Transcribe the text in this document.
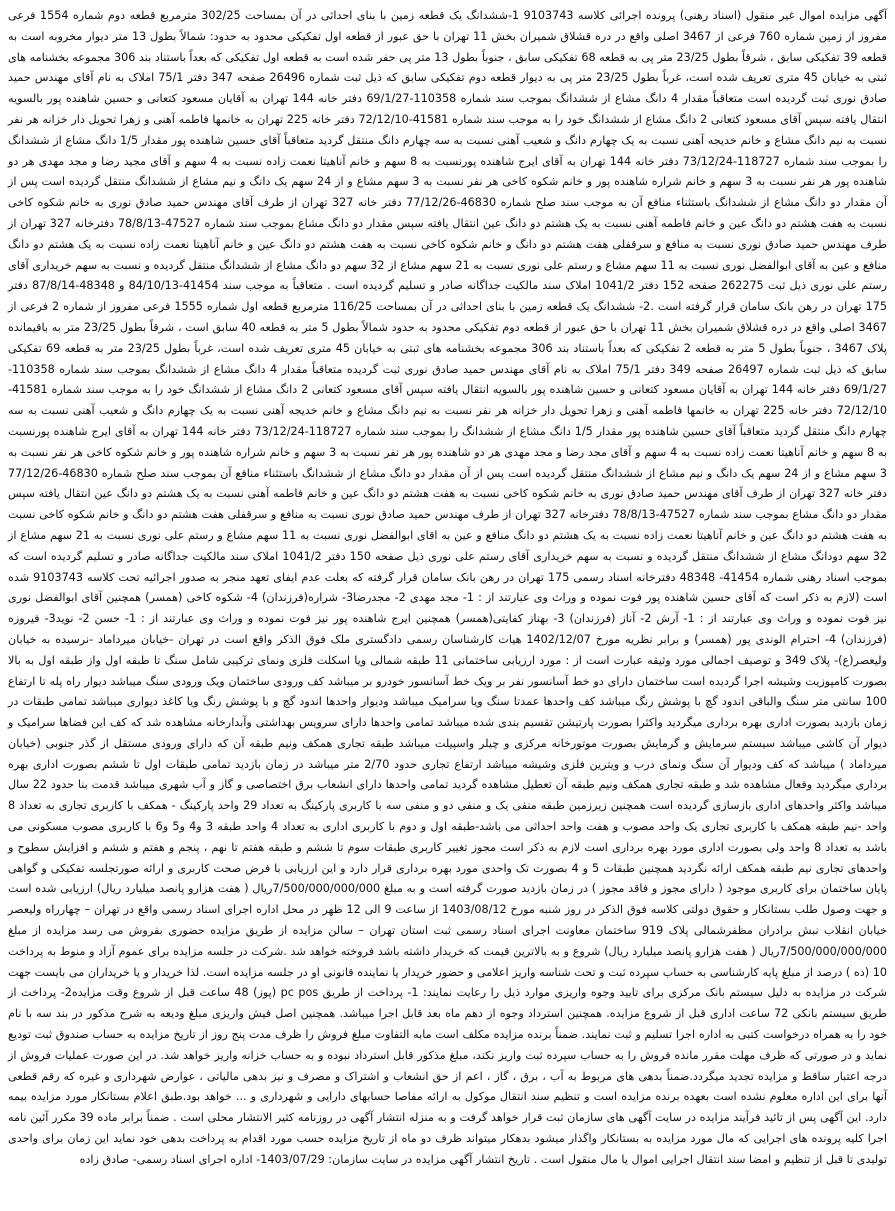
آگهی مزایده اموال غیر منقول (اسناد رهنی) پرونده اجرائی کلاسه 9103743 1-ششدانگ یک قطعه زمین با بنای احداثی در آن بمساحت 302/25 مترمربع قطعه دوم شماره 1554 فرعی مفروز از زمین شماره 760 فرعی از 3467 اصلی واقع در دره قشلاق شمیران بخش 11 تهران با حق عبور از قطعه اول تفکیکی محدود به حدود: شمالاً بطول 13 متر دیوار مخروبه است به قطعه 39 تفکیکی سابق ، شرقاً بطول 23/25 متر پی به قطعه 68 تفکیکی سابق ، جنوباً بطول 13 متر پی حفر شده است به قطعه اول تفکیکی که بعداً باستناد بند 306 مجموعه بخشنامه های ثبتی به خیابان 45 متری تعریف شده است، غرباً بطول 23/25 متر پی به دیوار قطعه دوم تفکیکی سابق که ذیل ثبت شماره 26496 صفحه 347 دفتر 75/1 املاک به نام آقای مهندس حمید صادق نوری ثبت گردیده است متعاقباً مقدار 4 دانگ مشاع از ششدانگ بموجب سند شماره 110358-69/1/27 دفتر خانه 144 تهران به آقایان مسعود کتعانی و حسین شاهنده پور بالسویه انتقال یافته سپس آقای مسعود کتعانی 2 دانگ مشاع از ششدانگ خود را به موجب سند شماره 41581-72/12/10 دفتر خانه 225 تهران به خانمها فاطمه آهنی و زهرا تحویل دار خزانه هر نفر نسبت به نیم دانگ مشاع و خانم خدیجه آهنی نسبت به یک چهارم دانگ و شعیب آهنی نسبت به سه چهارم دانگ منتقل گردید متعاقباً آقای حسین شاهنده پور مقدار 1/5 دانگ مشاع از ششدانگ را بموجب سند شماره 118727-73/12/24 دفتر خانه 144 تهران به آقای ایرج شاهنده پورنسبت به 8 سهم و خانم آناهیتا نعمت زاده نسبت به 4 سهم و آقای مجید رضا و مجد مهدی هر دو شاهنده پور هر نفر نسبت به 3 سهم و خانم شراره شاهنده پور و خانم شکوه کاخی هر نفر نسبت به 3 سهم مشاع و از 24 سهم یک دانگ و نیم مشاع از ششدانگ منتقل گردیده است پس از آن مقدار دو دانگ مشاع از ششدانگ باستثناء منافع آن به موجب سند صلح شماره 46830-77/12/26 دفتر خانه 327 تهران از طرف آقای مهندس حمید صادق نوری به خانم شکوه کاخی نسبت به هفت هشتم دو دانگ عین و خانم فاطمه آهنی نسبت به یک هشتم دو دانگ عین انتقال یافته سپس مقدار دو دانگ مشاع بموجب سند شماره 47527-78/8/13 دفترخانه 327 تهران از طرف مهندس حمید صادق نوری نسبت به منافع و سرقفلی هفت هشتم دو دانگ و خانم شکوه کاخی نسبت به هفت هشتم دو دانگ عین و خانم آناهیتا نعمت زاده نسبت به یک هشتم دو دانگ منافع و عین به آقای ابوالفضل نوری نسبت به 11 سهم مشاع و رستم علی نوری نسبت به 21 سهم مشاع از 32 سهم دو دانگ مشاع از ششدانگ منتقل گردیده و نسبت به سهم خریداری آقای رستم علی نوری ذیل ثبت 262275 صفحه 152 دفتر 1041/2 املاک سند مالکیت جداگانه صادر و تسلیم گردیده است . متعاقباً به موجب سند 41454-84/10/13 و 48348-87/8/14 دفتر 175 تهران در رهن بانک سامان قرار گرفته است .2- ششدانگ یک قطعه زمین با بنای احداثی در آن بمساحت 116/25 مترمربع قطعه اول شماره 1555 فرعی مفروز از شماره 2 فرعی از 3467 اصلی واقع در دره قشلاق شمیران بخش 11 تهران با حق عبور از قطعه دوم تفکیکی محدود به حدود شمالاً بطول 5 متر به قطعه 40 سابق است ، شرقاً بطول 23/25 متر به باقیمانده پلاک 3467 ، جنوباً بطول 5 متر به قطعه 2 تفکیکی که بعداً باستناد بند 306 مجموعه بخشنامه های ثبتی به خیابان 45 متری تعریف شده است، غرباً بطول 23/25 متر به قطعه 69 تفکیکی سابق که ذیل ثبت شماره 26497 صفحه 349 دفتر 75/1 املاک به نام آقای مهندس حمید صادق نوری ثبت گردیده متعاقباً مقدار 4 دانگ مشاع از ششدانگ بموجب سند شماره 110358-69/1/27 دفتر خانه 144 تهران به آقایان مسعود کتعانی و حسین شاهنده پور بالسویه انتقال یافته سپس آقای مسعود کتعانی 2 دانگ مشاع از ششدانگ خود را به موجب سند شماره 41581-72/12/10 دفتر خانه 225 تهران به خانمها فاطمه آهنی و زهرا تحویل دار خزانه هر نفر نسبت به نیم دانگ مشاع و خانم خدیجه آهنی نسبت به یک چهارم دانگ و شعیب آهنی نسبت به سه چهارم دانگ منتقل گردید متعاقباً آقای حسین شاهنده پور مقدار 1/5 دانگ مشاع از ششدانگ را بموجب سند شماره 118727-73/12/24 دفتر خانه 144 تهران به آقای ایرج شاهنده پورنسبت به 8 سهم و خانم آناهیتا نعمت زاده نسبت به 4 سهم و آقای مجد رضا و مجد مهدی هر دو شاهنده پور هر نفر نسبت به 3 سهم و خانم شراره شاهنده پور و خانم شکوه کاخی هر نفر نسبت به 3 سهم مشاع و از 24 سهم یک دانگ و نیم مشاع از ششدانگ منتقل گردیده است پس از آن مقدار دو دانگ مشاع از ششدانگ باستثناء منافع آن بموجب سند صلح شماره 46830-77/12/26 دفتر خانه 327 تهران از طرف آقای مهندس حمید صادق نوری به خانم شکوه کاخی نسبت به هفت هشتم دو دانگ عین و خانم فاطمه آهنی نسبت به یک هشتم دو دانگ عین انتقال یافته سپس مقدار دو دانگ مشاع بموجب سند شماره 47527-78/8/13 دفترخانه 327 تهران از طرف مهندس حمید صادق نوری نسبت به منافع و سرقفلی هفت هشتم دو دانگ و خانم شکوه کاخی نسبت به هفت هشتم دو دانگ عین و خانم آناهیتا نعمت زاده نسبت به یک هشتم دو دانگ منافع و عین به اقای ابوالفضل نوری نسبت به 11 سهم مشاع و رستم علی نوری نسبت به 21 سهم مشاع از 32 سهم دودانگ مشاع از ششدانگ منتقل گردیده و نسبت به سهم خریداری آقای رستم علی نوری ذیل صفحه 150 دفتر 1041/2 املاک سند مالکیت جداگانه صادر و تسلیم گردیده است که بموجب اسناد رهنی شماره 41454- 48348 دفترخانه اسناد رسمی 175 تهران در رهن بانک سامان قرار گرفته که بعلت عدم ایفای تعهد منجر به صدور اجرائیه تحت کلاسه 9103743 شده است (لازم به ذکر است که آقای حسین شاهنده پور فوت نموده و وراث وی عبارتند از : 1- مجد مهدی 2- مجدرضا3- شراره(فرزندان) 4- شکوه کاخی (همسر) همچنین آقای ابوالفضل نوری نیز فوت نموده و وراث وی عبارتند از : 1- آرش 2- آناز (فرزندان) 3- بهناز کفایتی(همسر) همچنین ایرج شاهنده پور نیز فوت نموده و وراث وی عبارتند از : 1- حسن 2- نوید3- فیروزه (فرزندان) 4- احترام الوندی پور (همسر) و برابر نظریه مورخ 1402/12/07 هیات کارشناسان رسمی دادگستری ملک فوق الذکر واقع است در تهران -خیابان میرداماد -نرسیده به خیابان ولیعصر(ع)- پلاک 349 و توصیف اجمالی مورد وثیقه عبارت است از : مورد ارزیابی ساختمانی 11 طبقه شمالی ویا اسکلت فلزی ونمای ترکیبی شامل سنگ تا طبقه اول واز طبقه اول به بالا بصورت کامپوزیت وشیشه اجرا گردیده است ساختمان دارای دو خط آسانسور نفر بر ویک خط آسانسور خودرو بر میباشد کف ورودی ساختمان ویک ورودی سنگ میباشد دیوار راه پله تا ارتفاع 100 سانتی متر سنگ والباقی اندود گچ با پوشش رنگ میباشد کف واحدها عمدتا سنگ ویا سرامیک میباشد ودیوار واحدها اندود گچ و با پوشش رنگ ویا کاغذ دیواری میباشد تمامی طبقات در زمان بازدید بصورت اداری بهره برداری میگردید واکثرا بصورت پارتیشن تقسیم بندی شده میباشد تمامی واحدها دارای سرویس بهداشتی وآبدارخانه مشاهده شد که کف این فضاها سرامیک و دیوار آن کاشی میباشد سیستم سرمایش و گرمایش بصورت موتورخانه مرکزی و چیلر واسپیلت میباشد طبقه تجاری همکف ونیم طبقه آن که دارای ورودی مستقل از گذر جنوبی (خیابان میرداماد ) میباشد که کف ودیوار آن سنگ ونمای درب و ویترین فلزی وشیشه میباشد ارتفاع تجاری حدود 2/70 متر میباشد در زمان بازدید تمامی طبقات اول تا ششم بصورت اداری بهره برداری میگردید وفعال مشاهده شد و طبقه تجاری همکف ونیم طبقه آن تعطیل مشاهده گردید تمامی واحدها دارای انشعاب برق اختصاصی و گاز و آب شهری میباشد قدمت بنا حدود 22 سال میباشد واکثر واحدهای اداری بازسازی گردیده است همچنین زیرزمین طبقه منفی یک و منفی دو و منفی سه با کاربری پارکینگ به تعداد 29 واحد پارکینگ - همکف با کاربری تجاری به تعداد 8 واحد -نیم طبقه همکف با کاربری تجاری یک واحد مصوب و هفت واحد احداثی می باشد-طبقه اول و دوم با کاربری اداری به تعداد 4 واحد طبقه 3 و4 و5 و6 با کاربری مصوب مسکونی می باشد به تعداد 8 واحد ولی بصورت اداری مورد بهره برداری است لازم به ذکر است مجوز تغییر کاربری طبقات سوم تا ششم و طبقه هفتم تا نهم ، پنجم و هفتم و ششم و افزایش سطوح و واحدهای تجاری نیم طبقه همکف ارائه نگردید همچنین طبقات 5 و 4 بصورت تک واحدی مورد بهره برداری قرار دارد و این ارزیابی با فرض صحت کاربری و ارائه صورتجلسه تفکیکی و گواهی پایان ساختمان برای کاربری موجود ( دارای مجوز و فاقد مجوز ) در زمان بازدید صورت گرفته است و به مبلغ 7/500/000/000/000ریال ( هفت هزارو پانصد میلیارد ریال) ارزیابی شده است و جهت وصول طلب بستانکار و حقوق دولتی کلاسه فوق الذکر در روز شنبه مورخ 1403/08/12 از ساعت 9 الی 12 ظهر در محل اداره اجرای اسناد رسمی واقع در تهران – چهارراه ولیعصر خیابان انقلاب نبش برادران مظفرشمالی پلاک 919 ساختمان معاونت اجرای اسناد رسمی ثبت استان تهران – سالن مزایده از طریق مزایده حضوری بفروش می رسد مزایده از مبلغ 7/500/000/000/000ریال ( هفت هزارو پانصد میلیارد ریال) شروع و به بالاترین قیمت که خریدار داشته باشد فروخته خواهد شد .شرکت در جلسه مزایده برای عموم آزاد و منوط به پرداخت 10 (ده ) درصد از مبلغ پایه کارشناسی به حساب سپرده ثبت و تحت شناسه واریز اعلامی و حضور خریدار یا نماینده قانونی او در جلسه مزایده است. لذا خریدار و یا خریداران می بایست جهت شرکت در مزایده به دلیل سیستم بانک مرکزی برای تایید وجوه واریزی موارد ذیل را رعایت نمایند: 1- پرداخت از طریق pc pos (پوز) 48 ساعت قبل از شروع وقت مزایده2- پرداخت از طریق سیستم بانکی 72 ساعت اداری قبل از شروع مزایده. همچنین استرداد وجوه از دهم ماه بعد قابل اجرا میباشد. همچنین اصل فیش واریزی مبلغ ودیعه به شرح مذکور در بند سه با نام خود را به همراه درخواست کتبی به اداره اجرا تسلیم و ثبت نمایند. ضمناً برنده مزایده مکلف است مابه التفاوت مبلغ فروش را ظرف مدت پنج روز از تاریخ مزایده به حساب صندوق ثبت تودیع نماید و در صورتی که ظرف مهلت مقرر مانده فروش را به حساب سپرده ثبت واریز نکند، مبلغ مذکور قابل استرداد نبوده و به حساب خزانه واریز خواهد شد. در این صورت عملیات فروش از درجه اعتبار ساقط و مزایده تجدید میگردد.ضمناً بدهی های مربوط به آب ، برق ، گاز ، اعم از حق انشعاب و اشتراک و مصرف و نیز بدهی مالیاتی ، عوارض شهرداری و غیره که رقم قطعی آنها برای این اداره معلوم نشده است بعهده برنده مزایده است و تنظیم سند انتقال موکول به ارائه مفاصا حسابهای دارایی و شهرداری و ... خواهد بود.طبق اعلام بستانکار مورد مزایده بیمه دارد. این آگهی پس از تائید فرآیند مزایده در سایت آگهی های سازمان ثبت قرار خواهد گرفت و به منزله انتشار آگهی در روزنامه کثیر الانتشار محلی است . ضمناً برابر ماده 39 مکرر آئین نامه اجرا کلیه پرونده های اجرایی که مال مورد مزایده به بستانکار واگذار میشود بدهکار میتواند ظرف دو ماه از تاریخ مزایده حسب مورد اقدام به پرداخت بدهی خود نماید این زمان برای واحدی تولیدی تا قبل از تنظیم و امضا سند انتقال اجرایی اموال یا مال منقول است . تاریخ انتشار آگهی مزایده در سایت سازمان: 1403/07/29- اداره اجرای اسناد رسمی- صادق زاده
